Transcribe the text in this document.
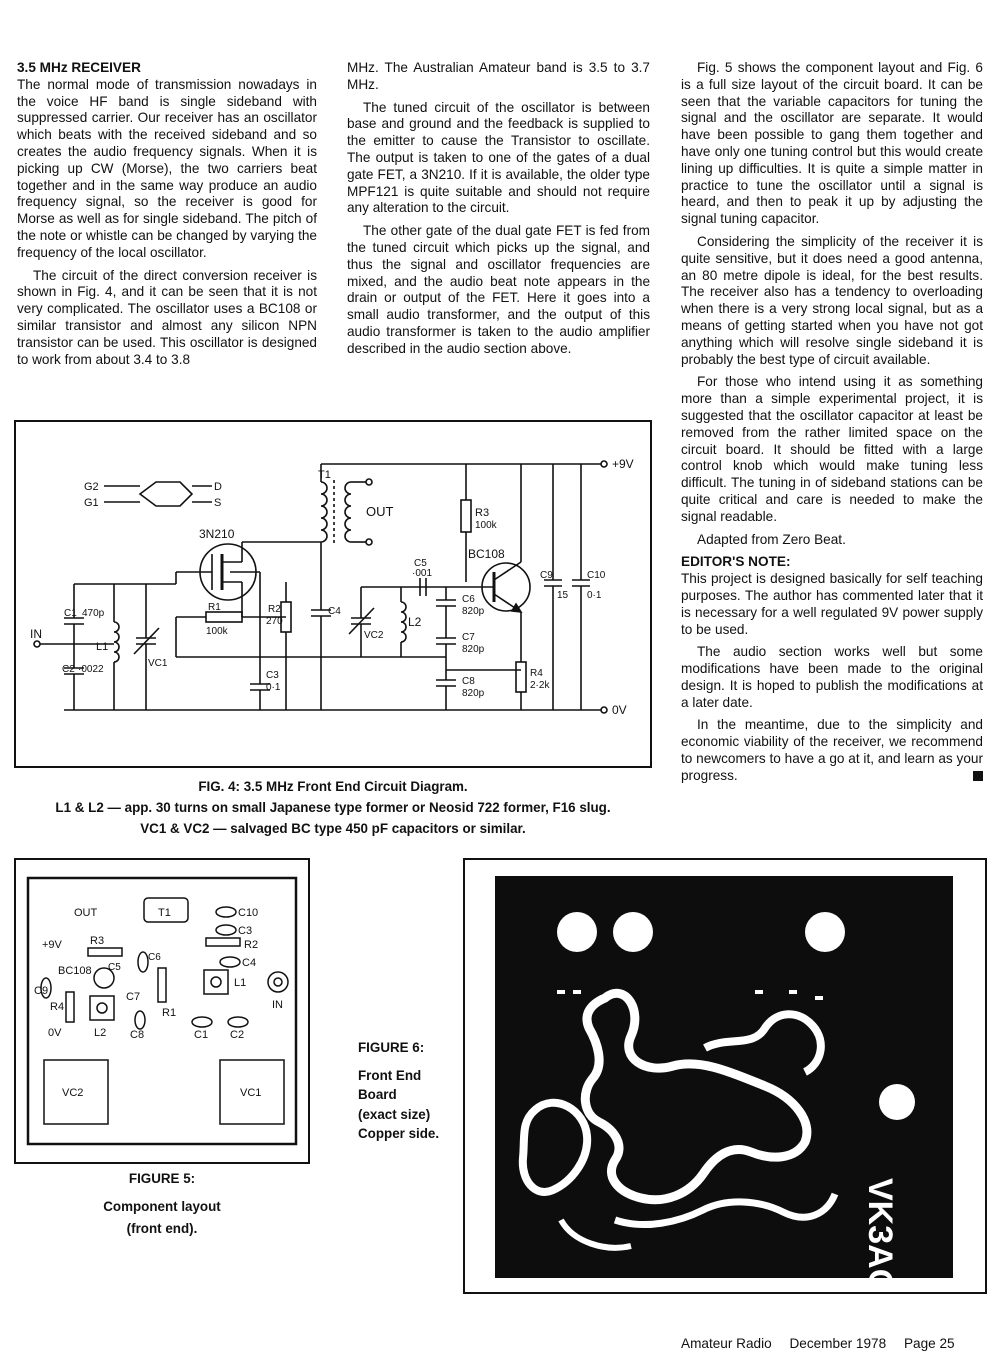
3.5 MHz RECEIVER

The normal mode of transmission nowadays in the voice HF band is single sideband with suppressed carrier. Our receiver has an oscillator which beats with the received sideband and so creates the audio frequency signals. When it is picking up CW (Morse), the two carriers beat together and in the same way produce an audio frequency signal, so the receiver is good for Morse as well as for single sideband. The pitch of the note or whistle can be changed by varying the frequency of the local oscillator.

The circuit of the direct conversion receiver is shown in Fig. 4, and it can be seen that it is not very complicated. The oscillator uses a BC108 or similar transistor and almost any silicon NPN transistor can be used. This oscillator is designed to work from about 3.4 to 3.8

MHz. The Australian Amateur band is 3.5 to 3.7 MHz.

The tuned circuit of the oscillator is between base and ground and the feedback is supplied to the emitter to cause the Transistor to oscillate. The output is taken to one of the gates of a dual gate FET, a 3N210. If it is available, the older type MPF121 is quite suitable and should not require any alteration to the circuit.

The other gate of the dual gate FET is fed from the tuned circuit which picks up the signal, and thus the signal and oscillator frequencies are mixed, and the audio beat note appears in the drain or output of the FET. Here it goes into a small audio transformer, and the output of this audio transformer is taken to the audio amplifier described in the audio section above.

Fig. 5 shows the component layout and Fig. 6 is a full size layout of the circuit board. It can be seen that the variable capacitors for tuning the signal and the oscillator are separate. It would have been possible to gang them together and have only one tuning control but this would create lining up difficulties. It is quite a simple matter in practice to tune the oscillator until a signal is heard, and then to peak it up by adjusting the signal tuning capacitor.

Considering the simplicity of the receiver it is quite sensitive, but it does need a good antenna, an 80 metre dipole is ideal, for the best results. The receiver also has a tendency to overloading when there is a very strong local signal, but as a means of getting started when you have not got anything which will resolve single sideband it is probably the best type of circuit available.

For those who intend using it as something more than a simple experimental project, it is suggested that the oscillator capacitor at least be removed from the rather limited space on the circuit board. It should be fitted with a large control knob which would make tuning less difficult. The tuning in of sideband stations can be quite critical and care is needed to make the signal readable.

Adapted from Zero Beat.

EDITOR'S NOTE:

This project is designed basically for self teaching purposes. The author has commented later that it is necessary for a well regulated 9V power supply to be used.

The audio section works well but some modifications have been made to the original design. It is hoped to publish the modifications at a later date.

In the meantime, due to the simplicity and economic viability of the receiver, we recommend to newcomers to have a go at it, and learn as your progress.

G2
G1
D
S
T1
OUT
+9V
0V
R3
100k
BC108
R4
2·2k
C9
15
C10
0·1
3N210
R1
100k
R2
270
C3
0·1
C4
C5
·001
C6
820p
L2
VC2	C7
820p
C8
820p
C1 470p
IN
L1
C2 ·0022
VC1
FIG. 4: 3.5 MHz Front End Circuit Diagram.
L1 & L2 — app. 30 turns on small Japanese type former or Neosid 722 former, F16 slug.
VC1 & VC2 — salvaged BC type 450 pF capacitors or similar.
OUT	T1	C10
C3
+9V	R3	R2
BC108 C5
C6	C4
C9
R4
C7
L1
IN
R1
0V	L2 C8	C1 C2
VC2	VC1
FIGURE 5:
Component layout
(front end).
FIGURE 6:
Front End
Board
(exact size)
Copper side.
VK3AOH
Amateur Radio December 1978 Page 25
